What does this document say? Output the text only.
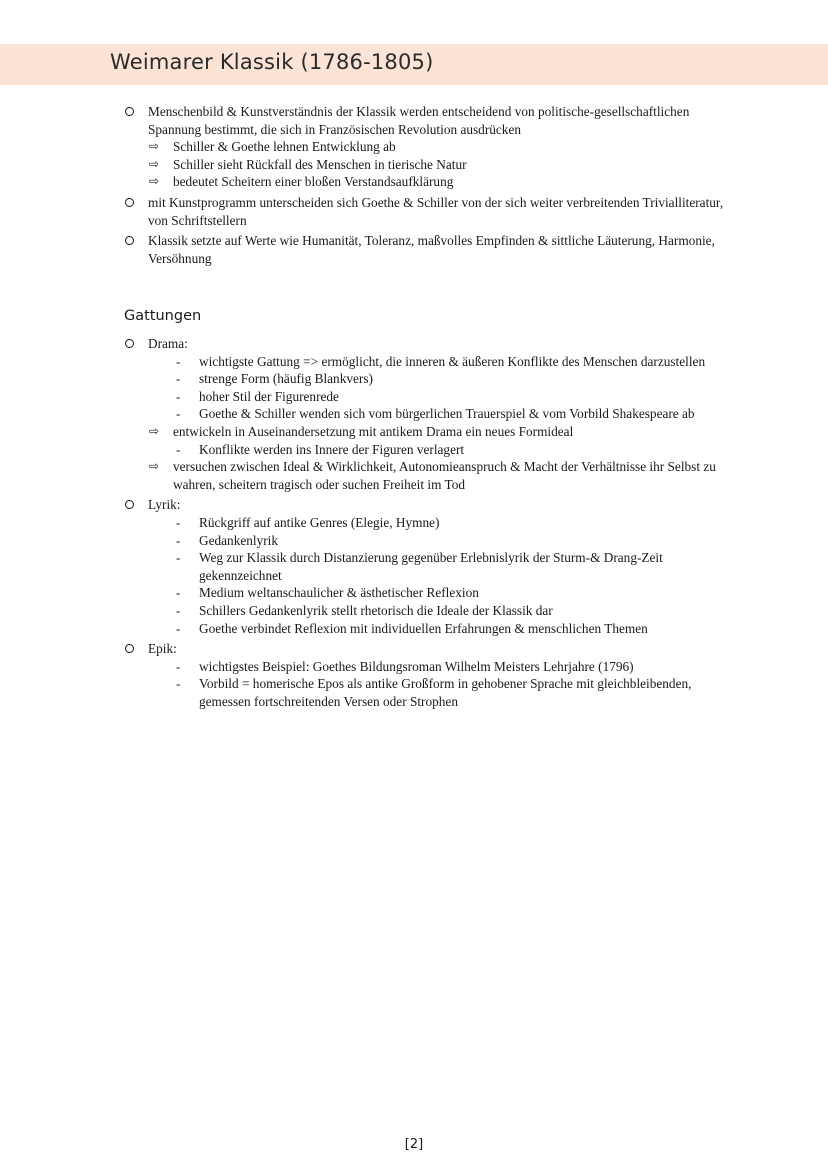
Weimarer Klassik (1786-1805)
Menschenbild & Kunstverständnis der Klassik werden entscheidend von politische-gesellschaftlichen Spannung bestimmt, die sich in Französischen Revolution ausdrücken
⇨ Schiller & Goethe lehnen Entwicklung ab
⇨ Schiller sieht Rückfall des Menschen in tierische Natur
⇨ bedeutet Scheitern einer bloßen Verstandsaufklärung
mit Kunstprogramm unterscheiden sich Goethe & Schiller von der sich weiter verbreitenden Trivialliteratur, von Schriftstellern
Klassik setzte auf Werte wie Humanität, Toleranz, maßvolles Empfinden & sittliche Läuterung, Harmonie, Versöhnung
Gattungen
Drama:
- wichtigste Gattung => ermöglicht, die inneren & äußeren Konflikte des Menschen darzustellen
- strenge Form (häufig Blankvers)
- hoher Stil der Figurenrede
- Goethe & Schiller wenden sich vom bürgerlichen Trauerspiel & vom Vorbild Shakespeare ab
⇨ entwickeln in Auseinandersetzung mit antikem Drama ein neues Formideal
- Konflikte werden ins Innere der Figuren verlagert
⇨ versuchen zwischen Ideal & Wirklichkeit, Autonomieanspruch & Macht der Verhältnisse ihr Selbst zu wahren, scheitern tragisch oder suchen Freiheit im Tod
Lyrik:
- Rückgriff auf antike Genres (Elegie, Hymne)
- Gedankenlyrik
- Weg zur Klassik durch Distanzierung gegenüber Erlebnislyrik der Sturm-& Drang-Zeit gekennzeichnet
- Medium weltanschaulicher & ästhetischer Reflexion
- Schillers Gedankenlyrik stellt rhetorisch die Ideale der Klassik dar
- Goethe verbindet Reflexion mit individuellen Erfahrungen & menschlichen Themen
Epik:
- wichtigstes Beispiel: Goethes Bildungsroman Wilhelm Meisters Lehrjahre (1796)
- Vorbild = homerische Epos als antike Großform in gehobener Sprache mit gleichbleibenden, gemessen fortschreitenden Versen oder Strophen
[2]
